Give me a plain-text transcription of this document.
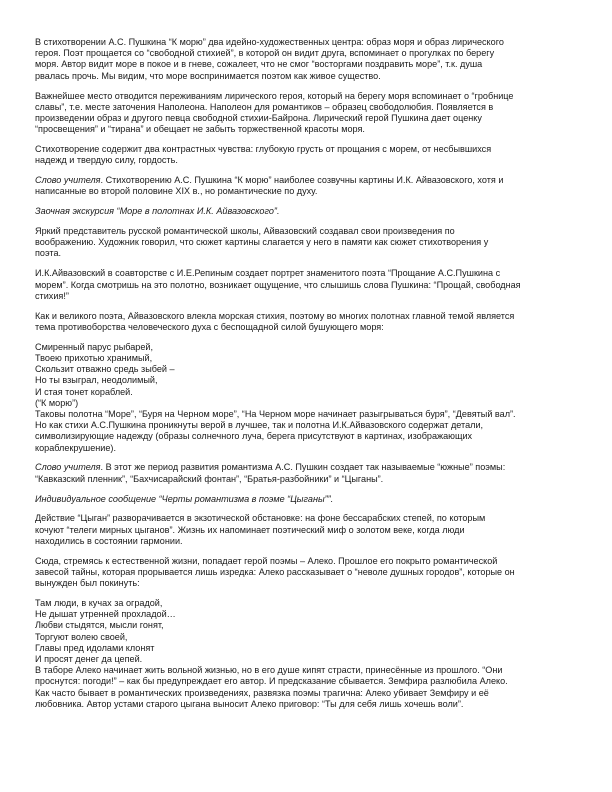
В стихотворении А.С. Пушкина “К морю” два идейно-художественных центра: образ моря и образ лирического
героя. Поэт прощается со “свободной стихией”, в которой он видит друга, вспоминает о прогулках по берегу
моря. Автор видит море в покое и в гневе, сожалеет, что не смог “восторгами поздравить море”, т.к. душа
рвалась прочь. Мы видим, что море воспринимается поэтом как живое существо.

Важнейшее место отводится переживаниям лирического героя, который на берегу моря вспоминает о “гробнице
славы”, т.е. месте заточения Наполеона. Наполеон для романтиков – образец свободолюбия. Появляется в
произведении образ и другого певца свободной стихии-Байрона. Лирический герой Пушкина дает оценку
“просвещения” и “тирана” и обещает не забыть торжественной красоты моря.

Стихотворение содержит два контрастных чувства: глубокую грусть от прощания с морем, от несбывшихся
надежд и твердую силу, гордость.

Слово учителя. Стихотворению А.С. Пушкина “К морю” наиболее созвучны картины И.К. Айвазовского, хотя и
написанные во второй половине XIX в., но романтические по духу.

Заочная экскурсия “Море в полотнах И.К. Айвазовского”.

Яркий представитель русской романтической школы, Айвазовский создавал свои произведения по
воображению. Художник говорил, что сюжет картины слагается у него в памяти как сюжет стихотворения у
поэта.

И.К.Айвазовский в соавторстве с И.Е.Репиным создает портрет знаменитого поэта “Прощание А.С.Пушкина с
морем”. Когда смотришь на это полотно, возникает ощущение, что слышишь слова Пушкина: “Прощай, свободная
стихия!”

Как и великого поэта, Айвазовского влекла морская стихия, поэтому во многих полотнах главной темой является
тема противоборства человеческого духа с беспощадной силой бушующего моря:

Смиренный парус рыбарей,
Твоею прихотью хранимый,
Скользит отважно средь зыбей –
Но ты взыграл, неодолимый,
И стая тонет кораблей.
(“К морю”)

Таковы полотна “Море”, “Буря на Черном море”, “На Черном море начинает разыгрываться буря”, “Девятый вал”.
Но как стихи А.С.Пушкина проникнуты верой в лучшее, так и полотна И.К.Айвазовского содержат детали,
символизирующие надежду (образы солнечного луча, берега присутствуют в картинах, изображающих
кораблекрушение).

Слово учителя. В этот же период развития романтизма А.С. Пушкин создает так называемые “южные” поэмы:
“Кавказский пленник”, “Бахчисарайский фонтан”, “Братья-разбойники” и “Цыганы”.

Индивидуальное сообщение “Черты романтизма в поэме “Цыганы””.

Действие “Цыган” разворачивается в экзотической обстановке: на фоне бессарабских степей, по которым
кочуют “телеги мирных цыганов”. Жизнь их напоминает поэтический миф о золотом веке, когда люди
находились в состоянии гармонии.

Сюда, стремясь к естественной жизни, попадает герой поэмы – Алеко. Прошлое его покрыто романтической
завесой тайны, которая прорывается лишь изредка: Алеко рассказывает о “неволе душных городов”, которые он
вынужден был покинуть:

Там люди, в кучах за оградой,
Не дышат утренней прохладой…
Любви стыдятся, мысли гонят,
Торгуют волею своей,
Главы пред идолами клонят
И просят денег да цепей.

В таборе Алеко начинает жить вольной жизнью, но в его душе кипят страсти, принесённые из прошлого. “Они
проснутся: погоди!” – как бы предупреждает его автор. И предсказание сбывается. Земфира разлюбила Алеко.
Как часто бывает в романтических произведениях, развязка поэмы трагична: Алеко убивает Земфиру и её
любовника. Автор устами старого цыгана выносит Алеко приговор: “Ты для себя лишь хочешь воли”.
